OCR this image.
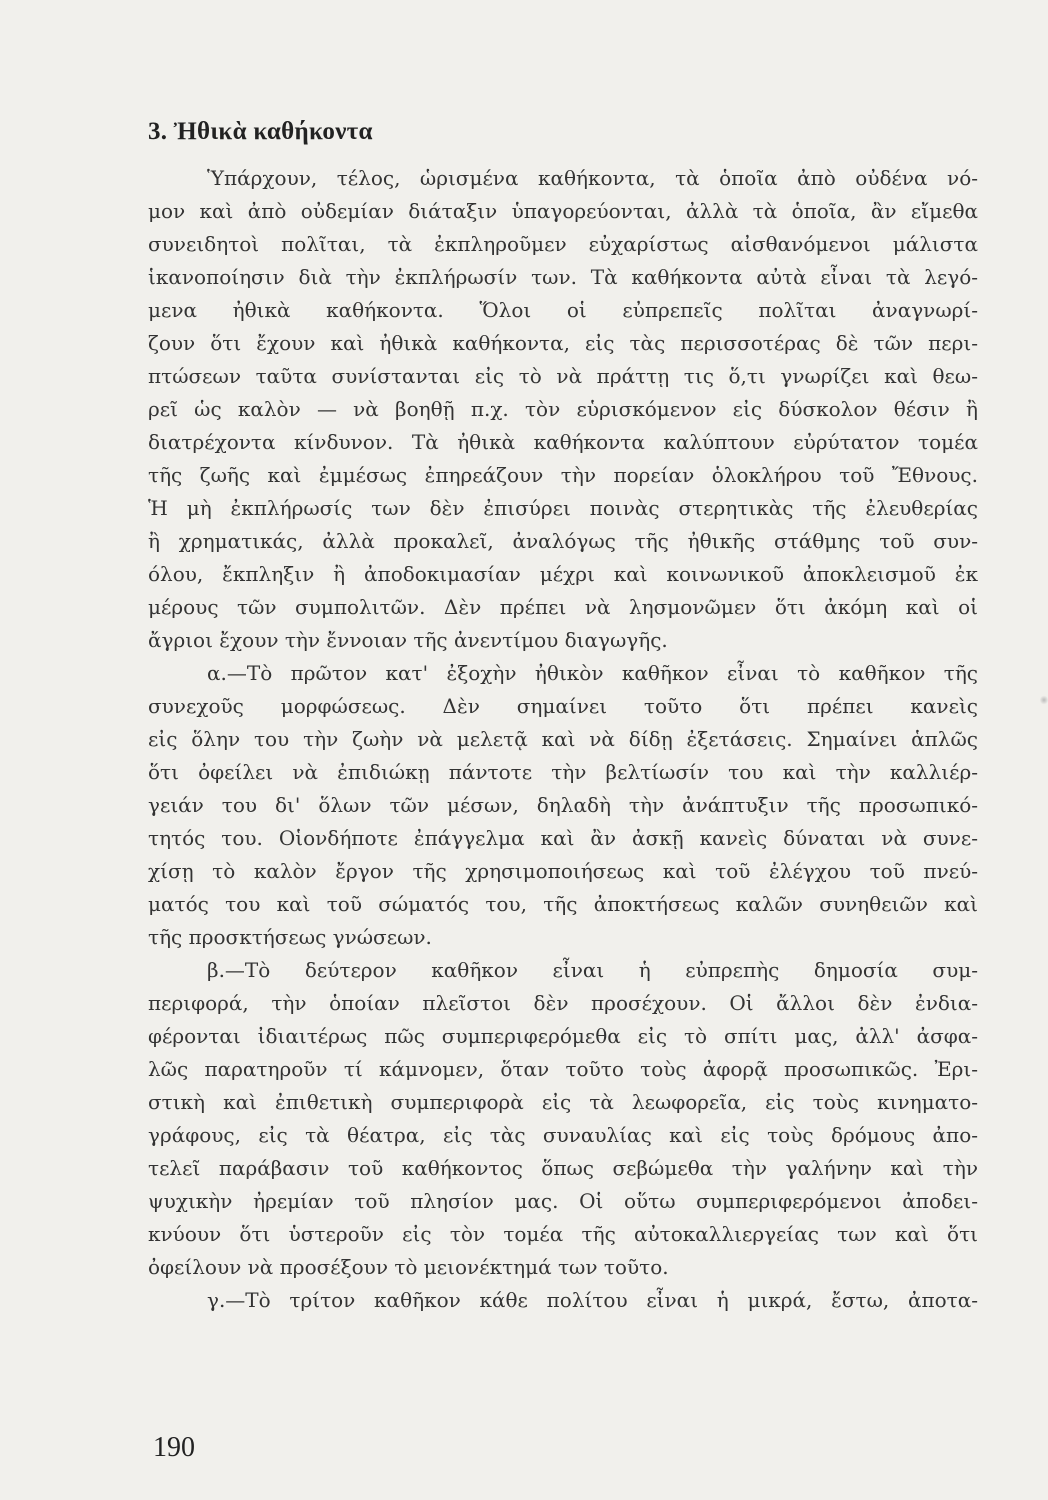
3. Ἠθικὰ καθήκοντα
Ὑπάρχουν, τέλος, ὡρισμένα καθήκοντα, τὰ ὁποῖα ἀπὸ οὐδένα νό-
μον καὶ ἀπὸ οὐδεμίαν διάταξιν ὑπαγορεύονται, ἀλλὰ τὰ ὁποῖα, ἂν εἴμεθα
συνειδητοὶ πολῖται, τὰ ἐκπληροῦμεν εὐχαρίστως αἰσθανόμενοι μάλιστα
ἱκανοποίησιν διὰ τὴν ἐκπλήρωσίν των. Τὰ καθήκοντα αὐτὰ εἶναι τὰ λεγό-
μενα ἠθικὰ καθήκοντα. Ὅλοι οἱ εὐπρεπεῖς πολῖται ἀναγνωρί-
ζουν ὅτι ἔχουν καὶ ἠθικὰ καθήκοντα, εἰς τὰς περισσοτέρας δὲ τῶν περι-
πτώσεων ταῦτα συνίστανται εἰς τὸ νὰ πράττῃ τις ὅ,τι γνωρίζει καὶ θεω-
ρεῖ ὡς καλὸν — νὰ βοηθῇ π.χ. τὸν εὑρισκόμενον εἰς δύσκολον θέσιν ἢ
διατρέχοντα κίνδυνον. Τὰ ἠθικὰ καθήκοντα καλύπτουν εὐρύτατον τομέα
τῆς ζωῆς καὶ ἐμμέσως ἐπηρεάζουν τὴν πορείαν ὁλοκλήρου τοῦ Ἔθνους.
Ἡ μὴ ἐκπλήρωσίς των δὲν ἐπισύρει ποινὰς στερητικὰς τῆς ἐλευθερίας
ἢ χρηματικάς, ἀλλὰ προκαλεῖ, ἀναλόγως τῆς ἠθικῆς στάθμης τοῦ συν-
όλου, ἔκπληξιν ἢ ἀποδοκιμασίαν μέχρι καὶ κοινωνικοῦ ἀποκλεισμοῦ ἐκ
μέρους τῶν συμπολιτῶν. Δὲν πρέπει νὰ λησμονῶμεν ὅτι ἀκόμη καὶ οἱ
ἄγριοι ἔχουν τὴν ἔννοιαν τῆς ἀνεντίμου διαγωγῆς.
α.—Τὸ πρῶτον κατ' ἐξοχὴν ἠθικὸν καθῆκον εἶναι τὸ καθῆκον τῆς
συνεχοῦς μορφώσεως. Δὲν σημαίνει τοῦτο ὅτι πρέπει κανεὶς
εἰς ὅλην του τὴν ζωὴν νὰ μελετᾷ καὶ νὰ δίδῃ ἐξετάσεις. Σημαίνει ἁπλῶς
ὅτι ὀφείλει νὰ ἐπιδιώκῃ πάντοτε τὴν βελτίωσίν του καὶ τὴν καλλιέρ-
γειάν του δι' ὅλων τῶν μέσων, δηλαδὴ τὴν ἀνάπτυξιν τῆς προσωπικό-
τητός του. Οἱονδήποτε ἐπάγγελμα καὶ ἂν ἀσκῇ κανεὶς δύναται νὰ συνε-
χίσῃ τὸ καλὸν ἔργον τῆς χρησιμοποιήσεως καὶ τοῦ ἐλέγχου τοῦ πνεύ-
ματός του καὶ τοῦ σώματός του, τῆς ἀποκτήσεως καλῶν συνηθειῶν καὶ
τῆς προσκτήσεως γνώσεων.
β.—Τὸ δεύτερον καθῆκον εἶναι ἡ εὐπρεπὴς δημοσία συμ-
περιφορά, τὴν ὁποίαν πλεῖστοι δὲν προσέχουν. Οἱ ἄλλοι δὲν ἐνδια-
φέρονται ἰδιαιτέρως πῶς συμπεριφερόμεθα εἰς τὸ σπίτι μας, ἀλλ' ἀσφα-
λῶς παρατηροῦν τί κάμνομεν, ὅταν τοῦτο τοὺς ἀφορᾷ προσωπικῶς. Ἐρι-
στικὴ καὶ ἐπιθετικὴ συμπεριφορὰ εἰς τὰ λεωφορεῖα, εἰς τοὺς κινηματο-
γράφους, εἰς τὰ θέατρα, εἰς τὰς συναυλίας καὶ εἰς τοὺς δρόμους ἀπο-
τελεῖ παράβασιν τοῦ καθήκοντος ὅπως σεβώμεθα τὴν γαλήνην καὶ τὴν
ψυχικὴν ἠρεμίαν τοῦ πλησίον μας. Οἱ οὕτω συμπεριφερόμενοι ἀποδει-
κνύουν ὅτι ὑστεροῦν εἰς τὸν τομέα τῆς αὐτοκαλλιεργείας των καὶ ὅτι
ὀφείλουν νὰ προσέξουν τὸ μειονέκτημά των τοῦτο.
γ.—Τὸ τρίτον καθῆκον κάθε πολίτου εἶναι ἡ μικρά, ἔστω, ἀποτα-
190
